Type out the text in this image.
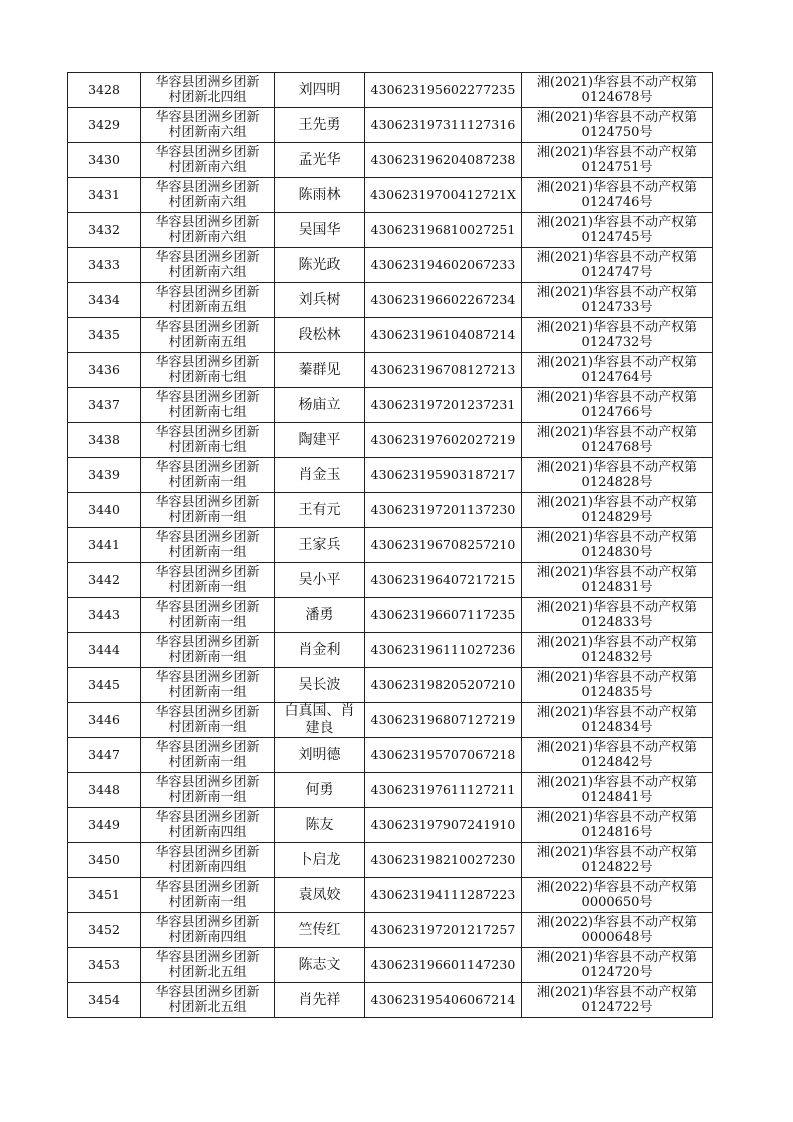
3428	华容县团洲乡团新
村团新北四组	刘四明	430623195602277235	湘(2021)华容县不动产权第
0124678号

3429	华容县团洲乡团新
村团新南六组	王先勇	430623197311127316	湘(2021)华容县不动产权第
0124750号

3430	华容县团洲乡团新
村团新南六组	孟光华	430623196204087238	湘(2021)华容县不动产权第
0124751号

3431	华容县团洲乡团新
村团新南六组	陈雨林	43062319700412721X	湘(2021)华容县不动产权第
0124746号

3432	华容县团洲乡团新
村团新南六组	吴国华	430623196810027251	湘(2021)华容县不动产权第
0124745号

3433	华容县团洲乡团新
村团新南六组	陈光政	430623194602067233	湘(2021)华容县不动产权第
0124747号

3434	华容县团洲乡团新
村团新南五组	刘兵树	430623196602267234	湘(2021)华容县不动产权第
0124733号

3435	华容县团洲乡团新
村团新南五组	段松林	430623196104087214	湘(2021)华容县不动产权第
0124732号

3436	华容县团洲乡团新
村团新南七组	蓁群见	430623196708127213	湘(2021)华容县不动产权第
0124764号

3437	华容县团洲乡团新
村团新南七组	杨庙立	430623197201237231	湘(2021)华容县不动产权第
0124766号

3438	华容县团洲乡团新
村团新南七组	陶建平	430623197602027219	湘(2021)华容县不动产权第
0124768号

3439	华容县团洲乡团新
村团新南一组	肖金玉	430623195903187217	湘(2021)华容县不动产权第
0124828号

3440	华容县团洲乡团新
村团新南一组	王有元	430623197201137230	湘(2021)华容县不动产权第
0124829号

3441	华容县团洲乡团新
村团新南一组	王家兵	430623196708257210	湘(2021)华容县不动产权第
0124830号

3442	华容县团洲乡团新
村团新南一组	吴小平	430623196407217215	湘(2021)华容县不动产权第
0124831号

3443	华容县团洲乡团新
村团新南一组	潘勇	430623196607117235	湘(2021)华容县不动产权第
0124833号

3444	华容县团洲乡团新
村团新南一组	肖金利	430623196111027236	湘(2021)华容县不动产权第
0124832号

3445	华容县团洲乡团新
村团新南一组	吴长波	430623198205207210	湘(2021)华容县不动产权第
0124835号

3446	华容县团洲乡团新
村团新南一组	白真国、肖
建良	430623196807127219	湘(2021)华容县不动产权第
0124834号

3447	华容县团洲乡团新
村团新南一组	刘明德	430623195707067218	湘(2021)华容县不动产权第
0124842号

3448	华容县团洲乡团新
村团新南一组	何勇	430623197611127211	湘(2021)华容县不动产权第
0124841号

3449	华容县团洲乡团新
村团新南四组	陈友	430623197907241910	湘(2021)华容县不动产权第
0124816号

3450	华容县团洲乡团新
村团新南四组	卜启龙	430623198210027230	湘(2021)华容县不动产权第
0124822号

3451	华容县团洲乡团新
村团新南一组	袁凤姣	430623194111287223	湘(2022)华容县不动产权第
0000650号

3452	华容县团洲乡团新
村团新南四组	竺传红	430623197201217257	湘(2022)华容县不动产权第
0000648号

3453	华容县团洲乡团新
村团新北五组	陈志文	430623196601147230	湘(2021)华容县不动产权第
0124720号

3454	华容县团洲乡团新
村团新北五组	肖先祥	430623195406067214	湘(2021)华容县不动产权第
0124722号
